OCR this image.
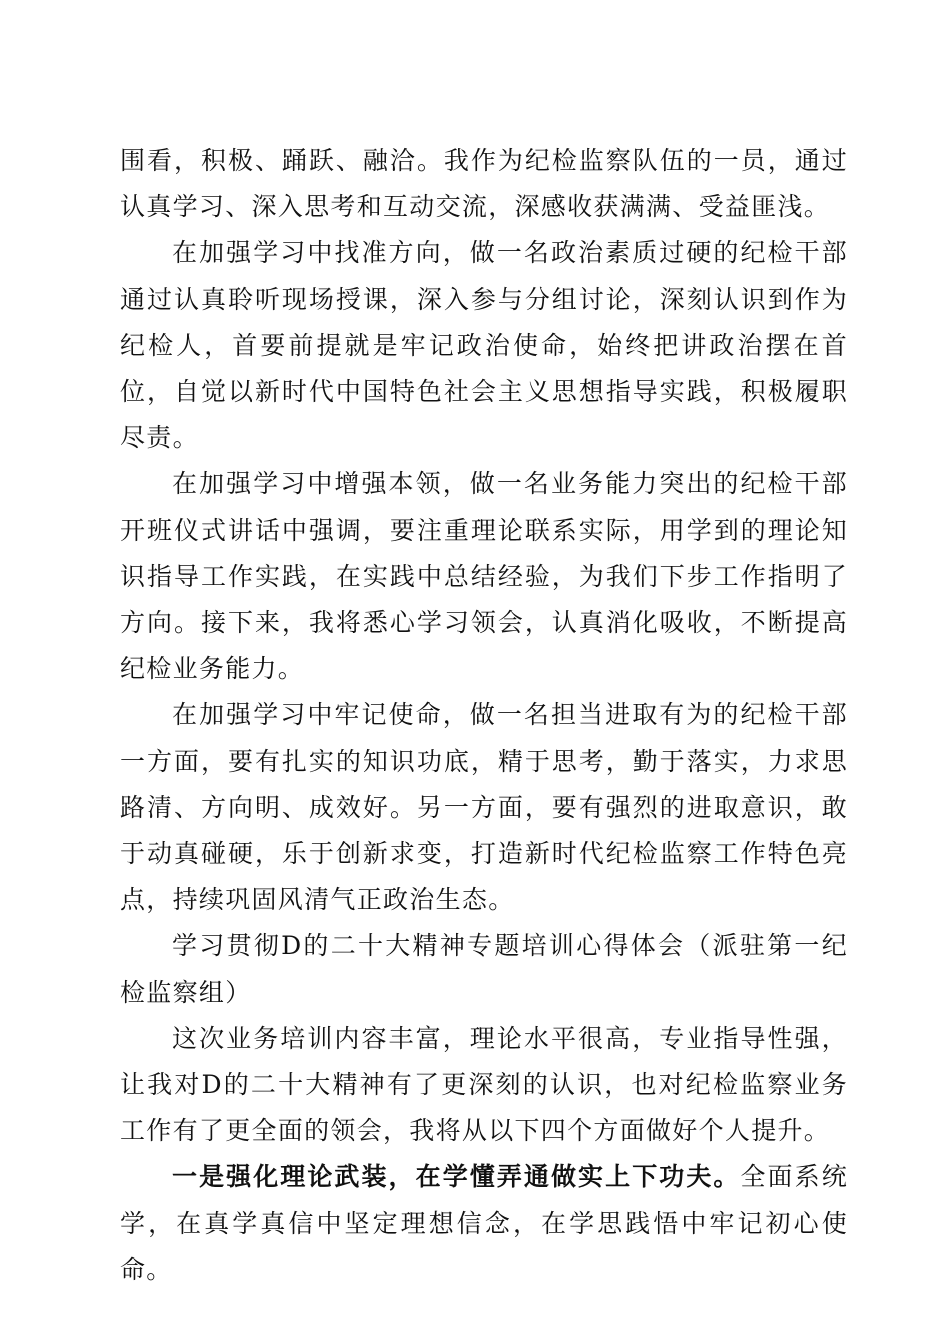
围看，积极、踊跃、融洽。我作为纪检监察队伍的一员，通过认真学习、深入思考和互动交流，深感收获满满、受益匪浅。

在加强学习中找准方向，做一名政治素质过硬的纪检干部通过认真聆听现场授课，深入参与分组讨论，深刻认识到作为纪检人，首要前提就是牢记政治使命，始终把讲政治摆在首位，自觉以新时代中国特色社会主义思想指导实践，积极履职尽责。

在加强学习中增强本领，做一名业务能力突出的纪检干部开班仪式讲话中强调，要注重理论联系实际，用学到的理论知识指导工作实践，在实践中总结经验，为我们下步工作指明了方向。接下来，我将悉心学习领会，认真消化吸收，不断提高纪检业务能力。

在加强学习中牢记使命，做一名担当进取有为的纪检干部一方面，要有扎实的知识功底，精于思考，勤于落实，力求思路清、方向明、成效好。另一方面，要有强烈的进取意识，敢于动真碰硬，乐于创新求变，打造新时代纪检监察工作特色亮点，持续巩固风清气正政治生态。

学习贯彻D的二十大精神专题培训心得体会（派驻第一纪检监察组）

这次业务培训内容丰富，理论水平很高，专业指导性强，让我对D的二十大精神有了更深刻的认识，也对纪检监察业务工作有了更全面的领会，我将从以下四个方面做好个人提升。

一是强化理论武装，在学懂弄通做实上下功夫。全面系统学，在真学真信中坚定理想信念，在学思践悟中牢记初心使命。
